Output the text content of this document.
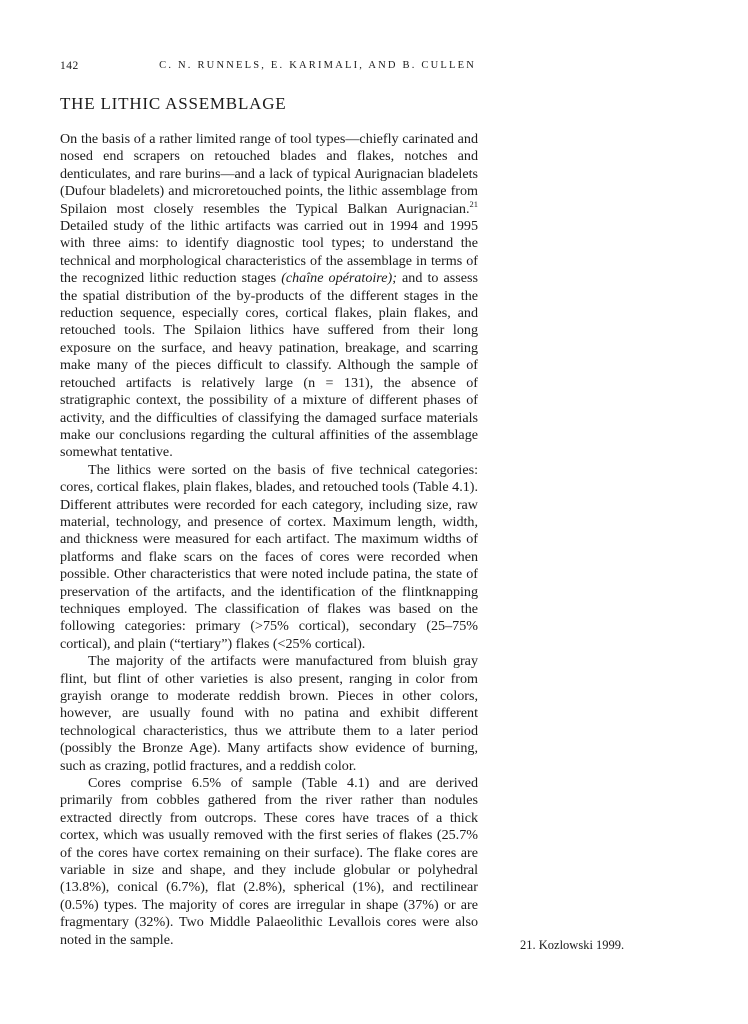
142	C. N. RUNNELS, E. KARIMALI, AND B. CULLEN
THE LITHIC ASSEMBLAGE

On the basis of a rather limited range of tool types—chiefly carinated and nosed end scrapers on retouched blades and flakes, notches and denticulates, and rare burins—and a lack of typical Aurignacian bladelets (Dufour bladelets) and microretouched points, the lithic assemblage from Spilaion most closely resembles the Typical Balkan Aurignacian.$^{21}$ Detailed study of the lithic artifacts was carried out in 1994 and 1995 with three aims: to identify diagnostic tool types; to understand the technical and morphological characteristics of the assemblage in terms of the recognized lithic reduction stages (chaîne opératoire); and to assess the spatial distribution of the by-products of the different stages in the reduction sequence, especially cores, cortical flakes, plain flakes, and retouched tools. The Spilaion lithics have suffered from their long exposure on the surface, and heavy patination, breakage, and scarring make many of the pieces difficult to classify. Although the sample of retouched artifacts is relatively large (n = 131), the absence of stratigraphic context, the possibility of a mixture of different phases of activity, and the difficulties of classifying the damaged surface materials make our conclusions regarding the cultural affinities of the assemblage somewhat tentative.

The lithics were sorted on the basis of five technical categories: cores, cortical flakes, plain flakes, blades, and retouched tools (Table 4.1). Different attributes were recorded for each category, including size, raw material, technology, and presence of cortex. Maximum length, width, and thickness were measured for each artifact. The maximum widths of platforms and flake scars on the faces of cores were recorded when possible. Other characteristics that were noted include patina, the state of preservation of the artifacts, and the identification of the flintknapping techniques employed. The classification of flakes was based on the following categories: primary (>75% cortical), secondary (25–75% cortical), and plain (“tertiary”) flakes (<25% cortical).

The majority of the artifacts were manufactured from bluish gray flint, but flint of other varieties is also present, ranging in color from grayish orange to moderate reddish brown. Pieces in other colors, however, are usually found with no patina and exhibit different technological characteristics, thus we attribute them to a later period (possibly the Bronze Age). Many artifacts show evidence of burning, such as crazing, potlid fractures, and a reddish color.

Cores comprise 6.5% of sample (Table 4.1) and are derived primarily from cobbles gathered from the river rather than nodules extracted directly from outcrops. These cores have traces of a thick cortex, which was usually removed with the first series of flakes (25.7% of the cores have cortex remaining on their surface). The flake cores are variable in size and shape, and they include globular or polyhedral (13.8%), conical (6.7%), flat (2.8%), spherical (1%), and rectilinear (0.5%) types. The majority of cores are irregular in shape (37%) or are fragmentary (32%). Two Middle Palaeolithic Levallois cores were also noted in the sample.	21. Kozlowski 1999.
